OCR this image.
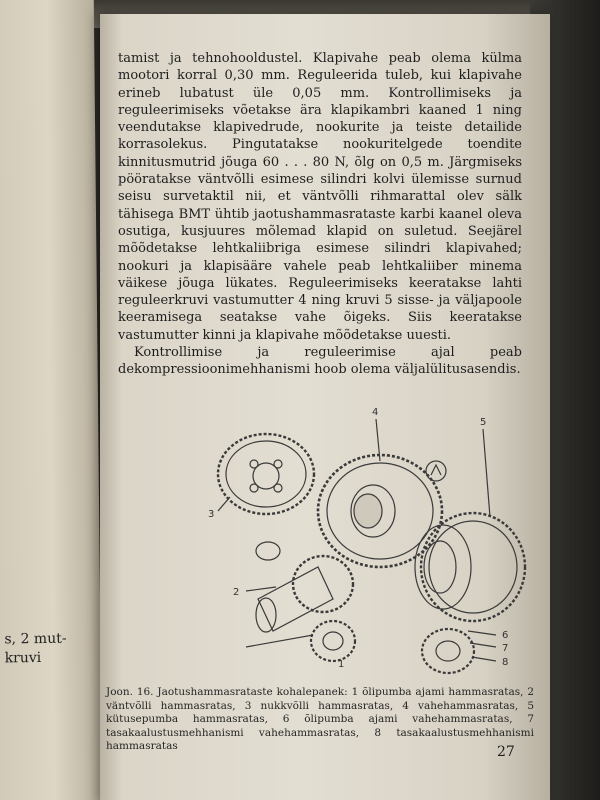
s, 2 mut-
kruvi

tamist ja tehnohooldustel. Klapivahe peab olema külma mootori korral 0,30 mm. Reguleerida tuleb, kui klapivahe erineb lubatust üle 0,05 mm. Kontrollimiseks ja reguleerimiseks võetakse ära klapikambri kaaned 1 ning veendutakse klapivedrude, nookurite ja teiste detailide korrasolekus. Pingutatakse nookuritelgede toendite kinnitusmutrid jõuga 60 . . . 80 N, õlg on 0,5 m. Järgmiseks pööratakse väntvõlli esimese silindri kolvi ülemisse surnud seisu survetaktil nii, et väntvõlli rihmarattal olev sälk tähisega BMT ühtib jaotushammasrataste karbi kaanel oleva osutiga, kusjuures mõlemad klapid on suletud. Seejärel mõõdetakse lehtkaliibriga esimese silindri klapivahed; nookuri ja klapisääre vahele peab lehtkaliiber minema väikese jõuga lükates. Reguleerimiseks keeratakse lahti reguleerkruvi vastumutter 4 ning kruvi 5 sisse- ja väljapoole keeramisega seatakse vahe õigeks. Siis keeratakse vastumutter kinni ja klapivahe mõõdetakse uuesti.

Kontrollimise ja reguleerimise ajal peab dekompressioonimehhanismi hoob olema väljalülitusasendis.

1
2
3
4
5
6
7
8
Joon. 16. Jaotushammasrataste kohalepanek: 1 õlipumba ajami hammasratas, 2 väntvõlli hammasratas, 3 nukkvõlli hammasratas, 4 vahehammasratas, 5 kütusepumba hammasratas, 6 õlipumba ajami vahehammasratas, 7 tasakaalustusmehhanismi vahehammasratas, 8 tasakaalustusmehhanismi hammasratas	27
